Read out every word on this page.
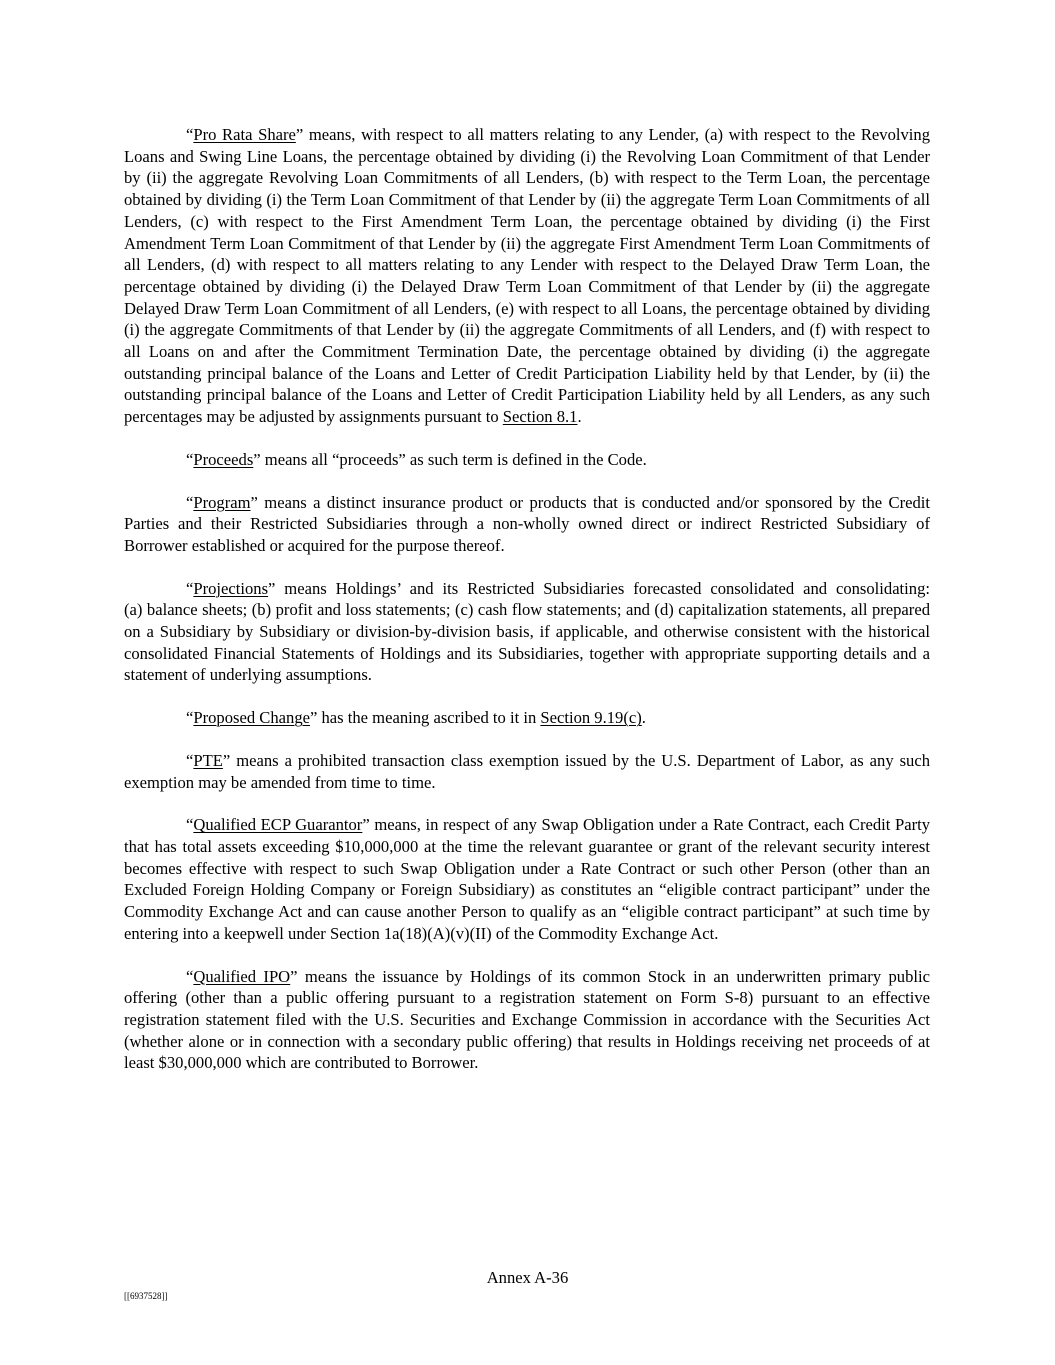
“Pro Rata Share” means, with respect to all matters relating to any Lender, (a) with respect to the Revolving Loans and Swing Line Loans, the percentage obtained by dividing (i) the Revolving Loan Commitment of that Lender by (ii) the aggregate Revolving Loan Commitments of all Lenders, (b) with respect to the Term Loan, the percentage obtained by dividing (i) the Term Loan Commitment of that Lender by (ii) the aggregate Term Loan Commitments of all Lenders, (c) with respect to the First Amendment Term Loan, the percentage obtained by dividing (i) the First Amendment Term Loan Commitment of that Lender by (ii) the aggregate First Amendment Term Loan Commitments of all Lenders, (d) with respect to all matters relating to any Lender with respect to the Delayed Draw Term Loan, the percentage obtained by dividing (i) the Delayed Draw Term Loan Commitment of that Lender by (ii) the aggregate Delayed Draw Term Loan Commitment of all Lenders, (e) with respect to all Loans, the percentage obtained by dividing (i) the aggregate Commitments of that Lender by (ii) the aggregate Commitments of all Lenders, and (f) with respect to all Loans on and after the Commitment Termination Date, the percentage obtained by dividing (i) the aggregate outstanding principal balance of the Loans and Letter of Credit Participation Liability held by that Lender, by (ii) the outstanding principal balance of the Loans and Letter of Credit Participation Liability held by all Lenders, as any such percentages may be adjusted by assignments pursuant to Section 8.1.

“Proceeds” means all “proceeds” as such term is defined in the Code.

“Program” means a distinct insurance product or products that is conducted and/or sponsored by the Credit Parties and their Restricted Subsidiaries through a non-wholly owned direct or indirect Restricted Subsidiary of Borrower established or acquired for the purpose thereof.

“Projections” means Holdings’ and its Restricted Subsidiaries forecasted consolidated and consolidating: (a) balance sheets; (b) profit and loss statements; (c) cash flow statements; and (d) capitalization statements, all prepared on a Subsidiary by Subsidiary or division-by-division basis, if applicable, and otherwise consistent with the historical consolidated Financial Statements of Holdings and its Subsidiaries, together with appropriate supporting details and a statement of underlying assumptions.

“Proposed Change” has the meaning ascribed to it in Section 9.19(c).

“PTE” means a prohibited transaction class exemption issued by the U.S. Department of Labor, as any such exemption may be amended from time to time.

“Qualified ECP Guarantor” means, in respect of any Swap Obligation under a Rate Contract, each Credit Party that has total assets exceeding $10,000,000 at the time the relevant guarantee or grant of the relevant security interest becomes effective with respect to such Swap Obligation under a Rate Contract or such other Person (other than an Excluded Foreign Holding Company or Foreign Subsidiary) as constitutes an “eligible contract participant” under the Commodity Exchange Act and can cause another Person to qualify as an “eligible contract participant” at such time by entering into a keepwell under Section 1a(18)(A)(v)(II) of the Commodity Exchange Act.

“Qualified IPO” means the issuance by Holdings of its common Stock in an underwritten primary public offering (other than a public offering pursuant to a registration statement on Form S-8) pursuant to an effective registration statement filed with the U.S. Securities and Exchange Commission in accordance with the Securities Act (whether alone or in connection with a secondary public offering) that results in Holdings receiving net proceeds of at least $30,000,000 which are contributed to Borrower.

Annex A-36
[[6937528]]
